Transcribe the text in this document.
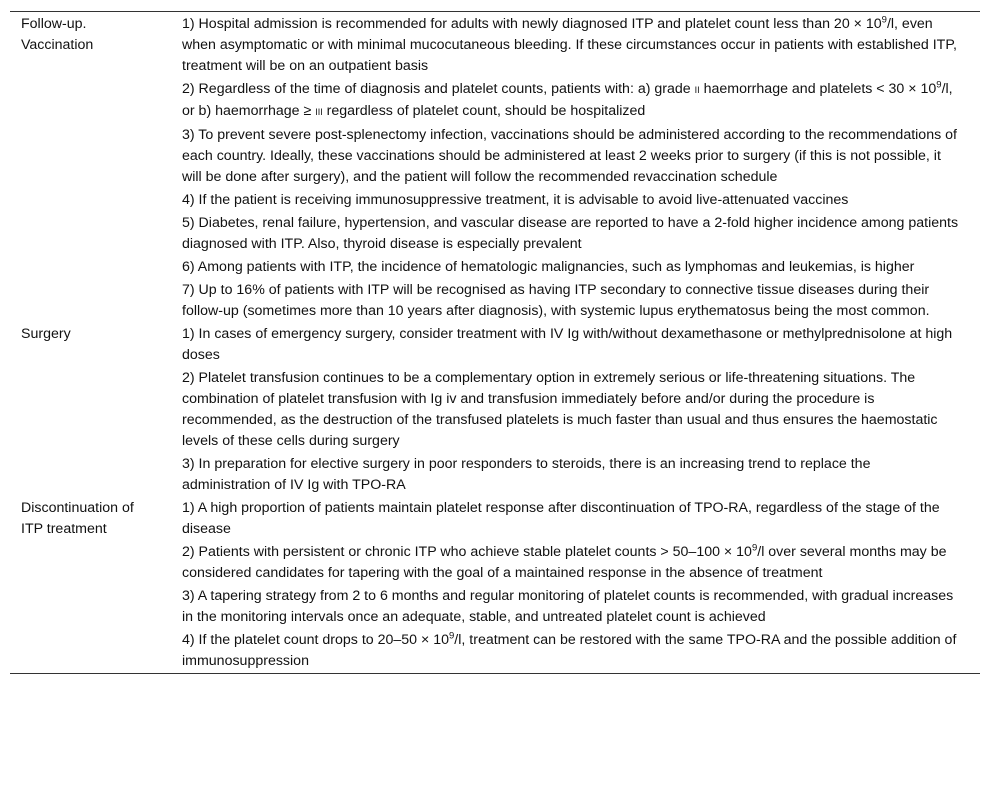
Follow-up. Vaccination
1) Hospital admission is recommended for adults with newly diagnosed ITP and platelet count less than $20 \times 10^9/l$, even when asymptomatic or with minimal mucocutaneous bleeding. If these circumstances occur in patients with established ITP, treatment will be on an outpatient basis
2) Regardless of the time of diagnosis and platelet counts, patients with: a) grade II haemorrhage and platelets < $30 \times 10^9/l$, or b) haemorrhage ≥ III regardless of platelet count, should be hospitalized
3) To prevent severe post-splenectomy infection, vaccinations should be administered according to the recommendations of each country. Ideally, these vaccinations should be administered at least 2 weeks prior to surgery (if this is not possible, it will be done after surgery), and the patient will follow the recommended revaccination schedule
4) If the patient is receiving immunosuppressive treatment, it is advisable to avoid live-attenuated vaccines
5) Diabetes, renal failure, hypertension, and vascular disease are reported to have a 2-fold higher incidence among patients diagnosed with ITP. Also, thyroid disease is especially prevalent
6) Among patients with ITP, the incidence of hematologic malignancies, such as lymphomas and leukemias, is higher
7) Up to 16% of patients with ITP will be recognised as having ITP secondary to connective tissue diseases during their follow-up (sometimes more than 10 years after diagnosis), with systemic lupus erythematosus being the most common.
Surgery	1) In cases of emergency surgery, consider treatment with IV Ig with/without dexamethasone or methylprednisolone at high doses
2) Platelet transfusion continues to be a complementary option in extremely serious or life-threatening situations. The combination of platelet transfusion with Ig iv and transfusion immediately before and/or during the procedure is recommended, as the destruction of the transfused platelets is much faster than usual and thus ensures the haemostatic levels of these cells during surgery
3) In preparation for elective surgery in poor responders to steroids, there is an increasing trend to replace the administration of IV Ig with TPO-RA
Discontinuation of ITP treatment
1) A high proportion of patients maintain platelet response after discontinuation of TPO-RA, regardless of the stage of the disease
2) Patients with persistent or chronic ITP who achieve stable platelet counts > $50-100 \times 10^9/l$ over several months may be considered candidates for tapering with the goal of a maintained response in the absence of treatment
3) A tapering strategy from 2 to 6 months and regular monitoring of platelet counts is recommended, with gradual increases in the monitoring intervals once an adequate, stable, and untreated platelet count is achieved
4) If the platelet count drops to $20-50 \times 10^9/l$, treatment can be restored with the same TPO-RA and the possible addition of immunosuppression
